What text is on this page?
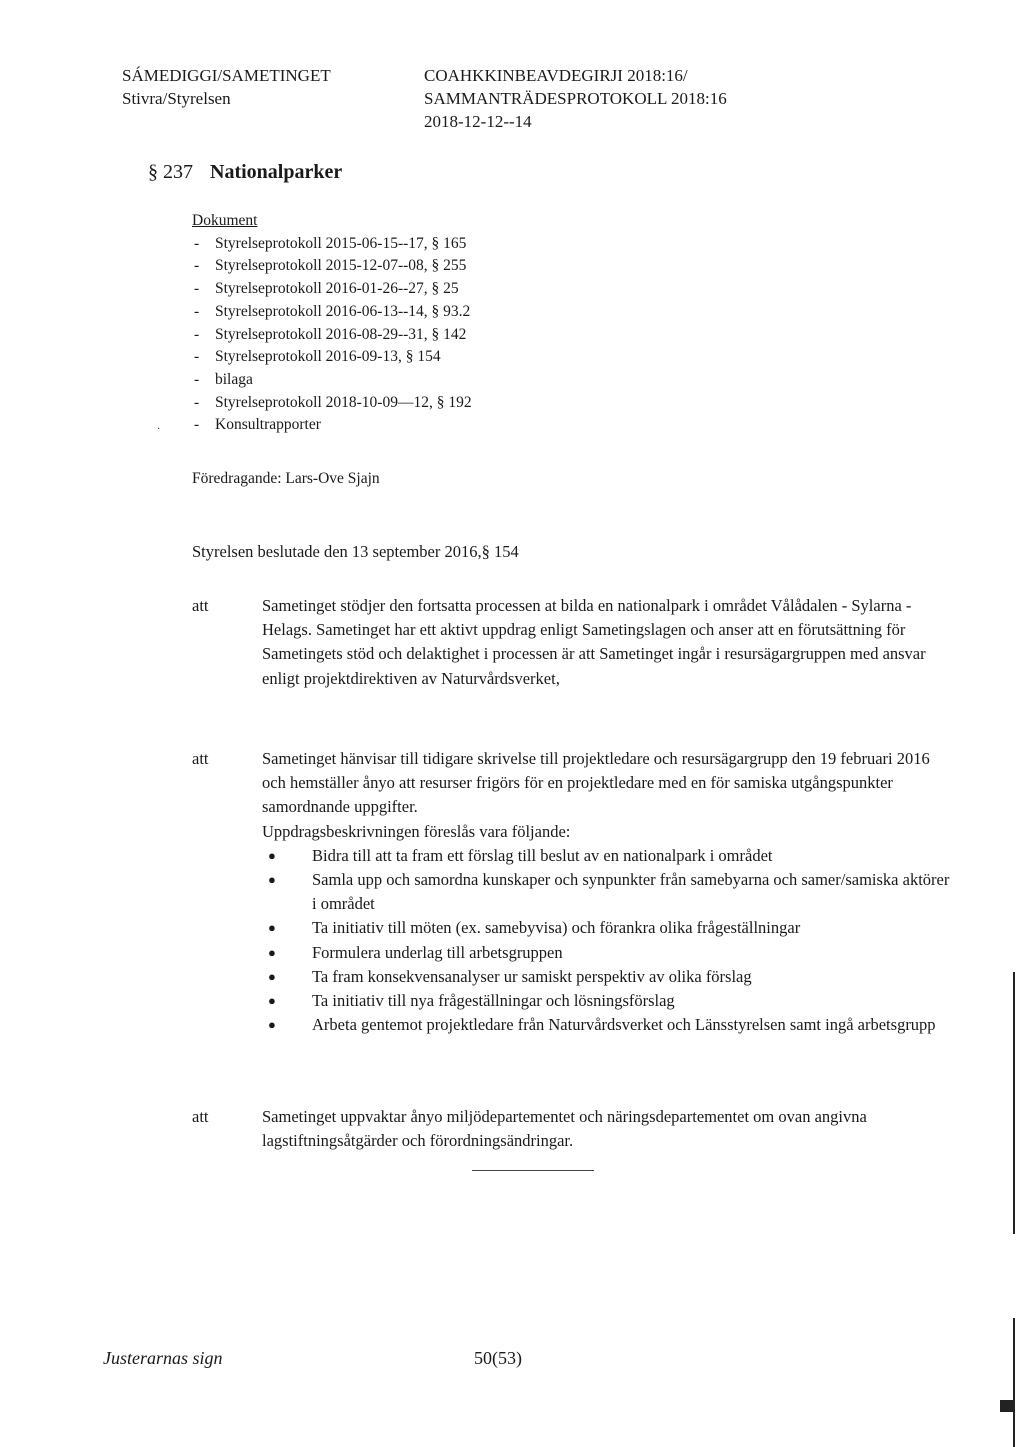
SÁMEDIGGI/SAMETINGET
Stivra/Styrelsen
COAHKKINBEAVDEGIRJI 2018:16/
SAMMANTRÄDESPROTOKOLL 2018:16
2018-12-12--14
§ 237 Nationalparker
Dokument
- Styrelseprotokoll 2015-06-15--17, § 165
- Styrelseprotokoll 2015-12-07--08, § 255
- Styrelseprotokoll 2016-01-26--27, § 25
- Styrelseprotokoll 2016-06-13--14, § 93.2
- Styrelseprotokoll 2016-08-29--31, § 142
- Styrelseprotokoll 2016-09-13, § 154
- bilaga
- Styrelseprotokoll 2018-10-09—12, § 192
- Konsultrapporter
·
Föredragande: Lars-Ove Sjajn
Styrelsen beslutade den 13 september 2016,§ 154
att	Sametinget stödjer den fortsatta processen at bilda en nationalpark i området Vålådalen - Sylarna - Helags. Sametinget har ett aktivt uppdrag enligt Sametingslagen och anser att en förutsättning för Sametingets stöd och delaktighet i processen är att Sametinget ingår i resursägargruppen med ansvar enligt projektdirektiven av Naturvårdsverket,

att	Sametinget hänvisar till tidigare skrivelse till projektledare och resursägargrupp den 19 februari 2016 och hemställer ånyo att resurser frigörs för en projektledare med en för samiska utgångspunkter samordnande uppgifter.

Uppdragsbeskrivningen föreslås vara följande:

● Bidra till att ta fram ett förslag till beslut av en nationalpark i området
● Samla upp och samordna kunskaper och synpunkter från samebyarna och samer/samiska aktörer i området
● Ta initiativ till möten (ex. samebyvisa) och förankra olika frågeställningar
● Formulera underlag till arbetsgruppen
● Ta fram konsekvensanalyser ur samiskt perspektiv av olika förslag
● Ta initiativ till nya frågeställningar och lösningsförslag
● Arbeta gentemot projektledare från Naturvårdsverket och Länsstyrelsen samt ingå arbetsgrupp
att	Sametinget uppvaktar ånyo miljödepartementet och näringsdepartementet om ovan angivna lagstiftningsåtgärder och förordningsändringar.

Justerarnas sign	50(53)
